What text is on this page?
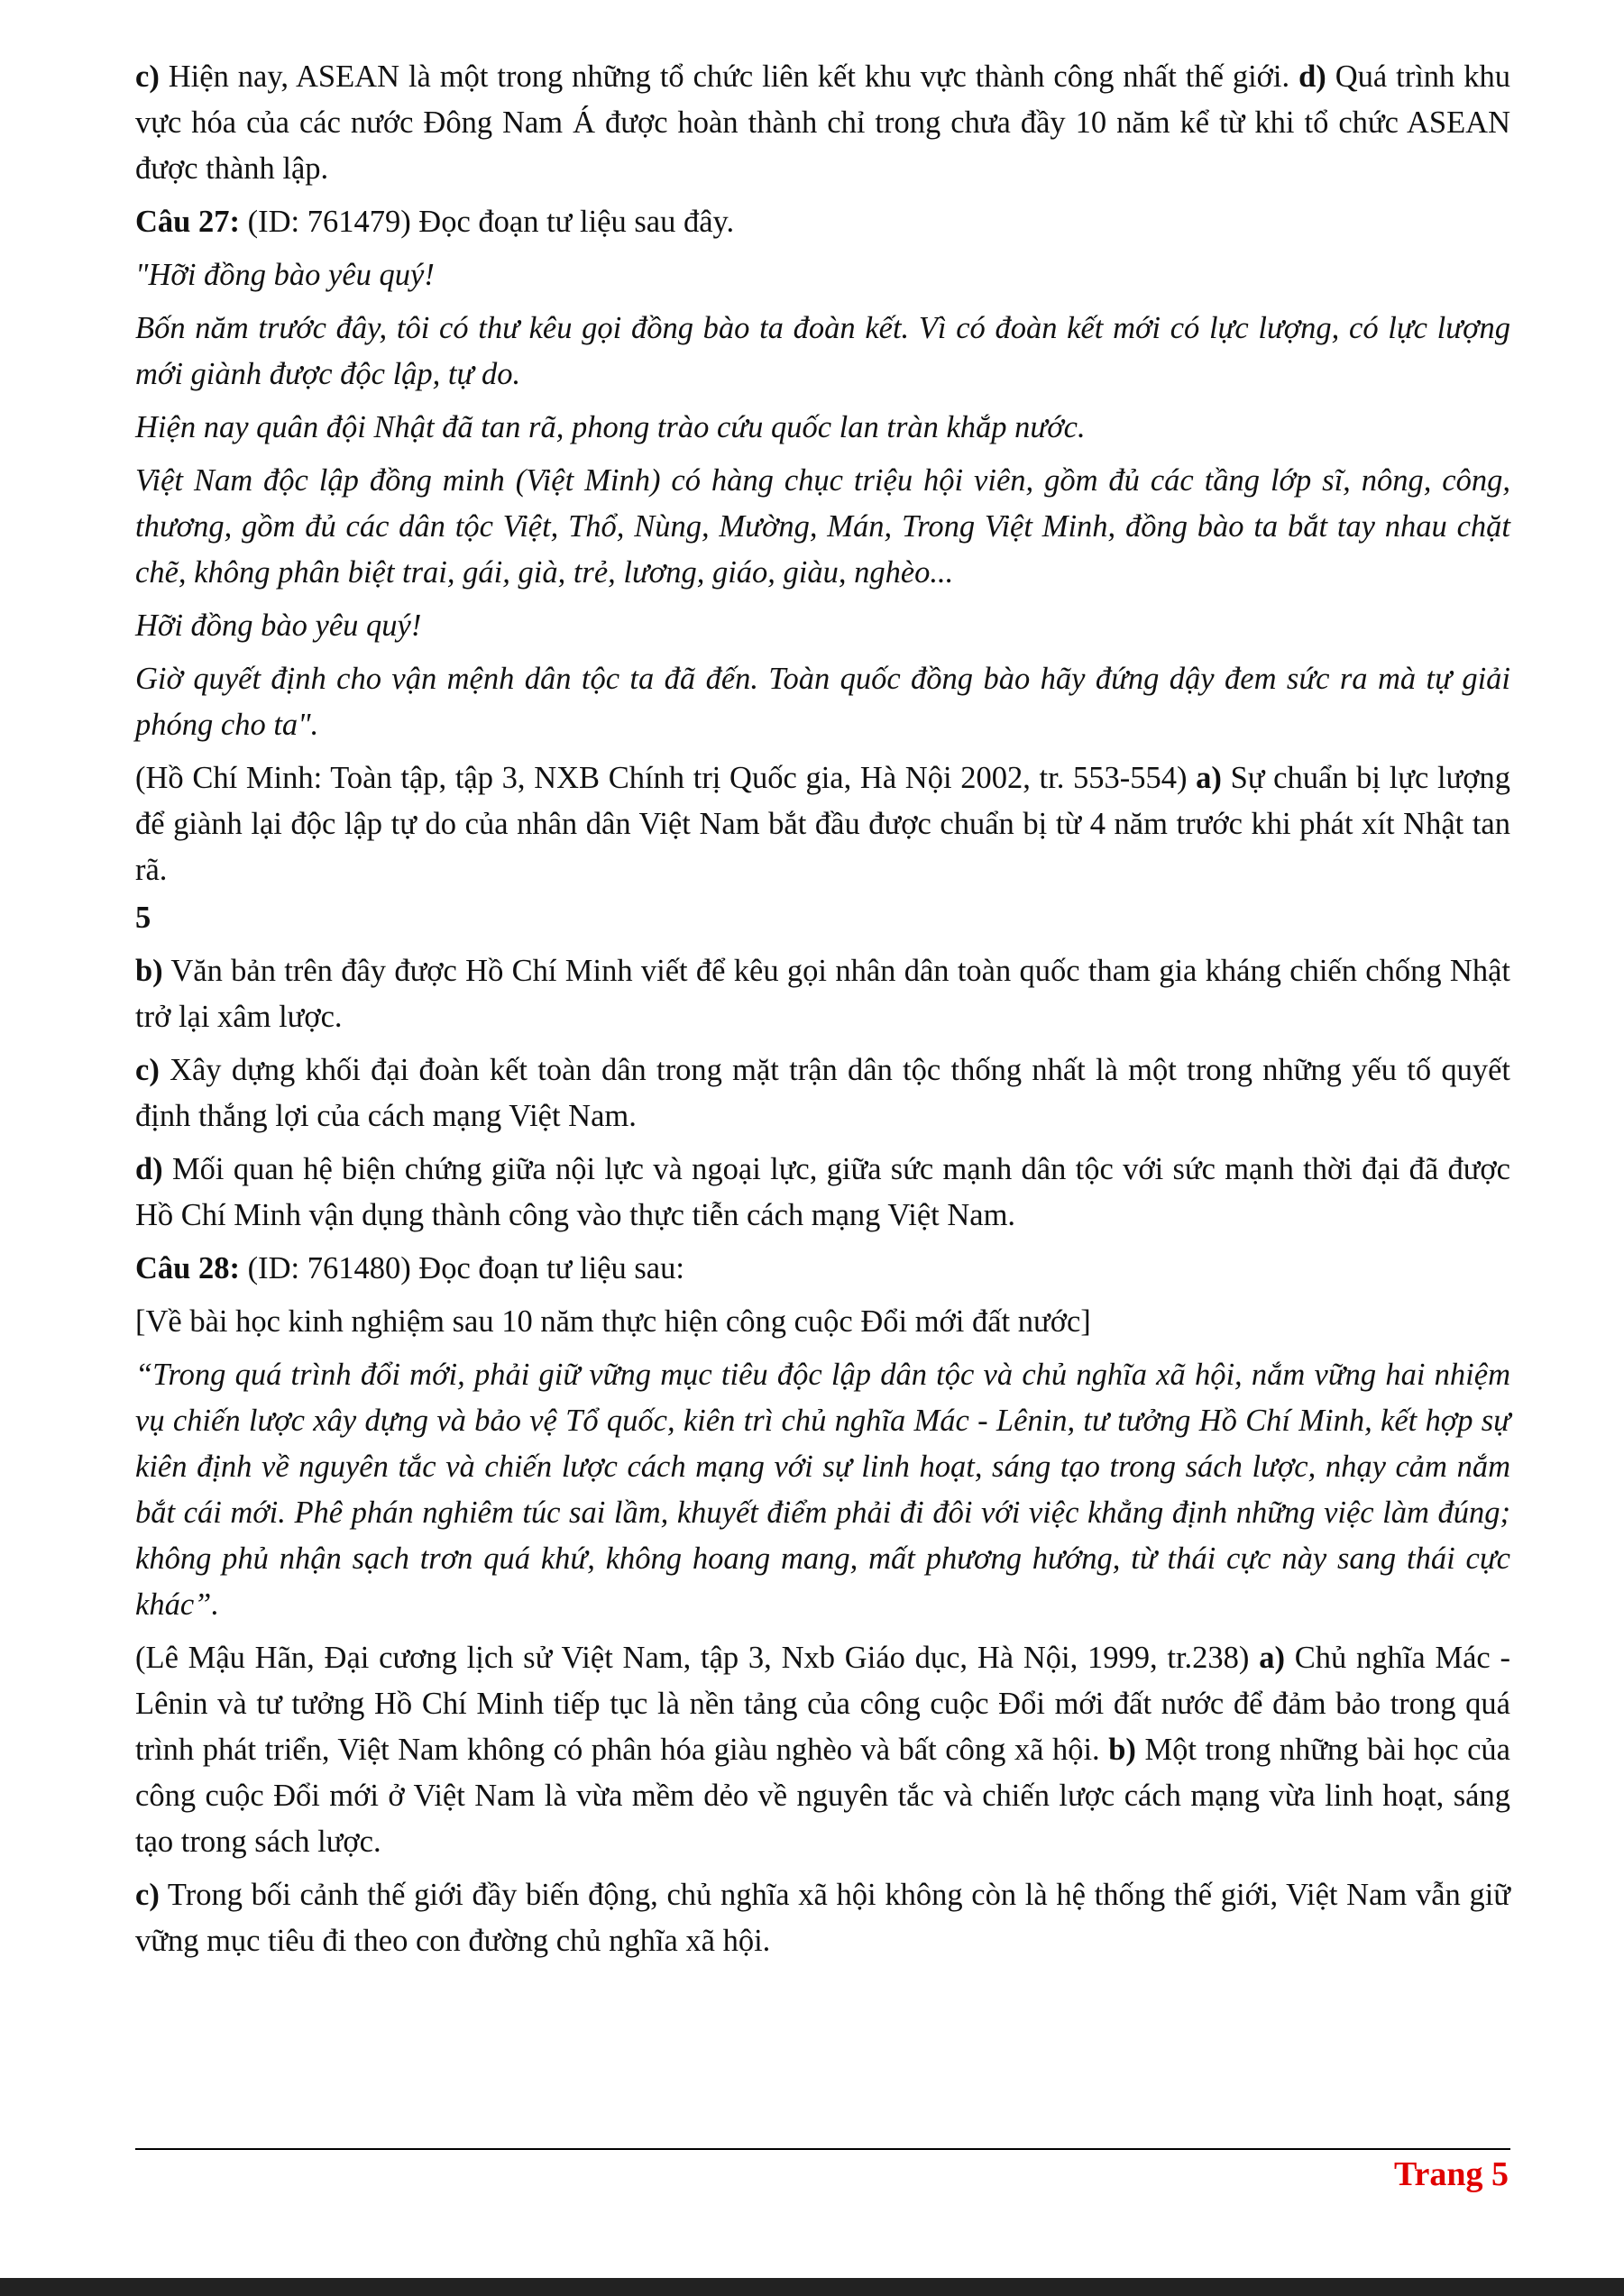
c) Hiện nay, ASEAN là một trong những tổ chức liên kết khu vực thành công nhất thế giới. d) Quá trình khu vực hóa của các nước Đông Nam Á được hoàn thành chỉ trong chưa đầy 10 năm kể từ khi tổ chức ASEAN được thành lập.

Câu 27: (ID: 761479) Đọc đoạn tư liệu sau đây.

"Hỡi đồng bào yêu quý!

Bốn năm trước đây, tôi có thư kêu gọi đồng bào ta đoàn kết. Vì có đoàn kết mới có lực lượng, có lực lượng mới giành được độc lập, tự do.

Hiện nay quân đội Nhật đã tan rã, phong trào cứu quốc lan tràn khắp nước.

Việt Nam độc lập đồng minh (Việt Minh) có hàng chục triệu hội viên, gồm đủ các tầng lớp sĩ, nông, công, thương, gồm đủ các dân tộc Việt, Thổ, Nùng, Mường, Mán, Trong Việt Minh, đồng bào ta bắt tay nhau chặt chẽ, không phân biệt trai, gái, già, trẻ, lương, giáo, giàu, nghèo...

Hỡi đồng bào yêu quý!

Giờ quyết định cho vận mệnh dân tộc ta đã đến. Toàn quốc đồng bào hãy đứng dậy đem sức ra mà tự giải phóng cho ta".

(Hồ Chí Minh: Toàn tập, tập 3, NXB Chính trị Quốc gia, Hà Nội 2002, tr. 553-554) a) Sự chuẩn bị lực lượng để giành lại độc lập tự do của nhân dân Việt Nam bắt đầu được chuẩn bị từ 4 năm trước khi phát xít Nhật tan rã.

5

b) Văn bản trên đây được Hồ Chí Minh viết để kêu gọi nhân dân toàn quốc tham gia kháng chiến chống Nhật trở lại xâm lược.

c) Xây dựng khối đại đoàn kết toàn dân trong mặt trận dân tộc thống nhất là một trong những yếu tố quyết định thắng lợi của cách mạng Việt Nam.

d) Mối quan hệ biện chứng giữa nội lực và ngoại lực, giữa sức mạnh dân tộc với sức mạnh thời đại đã được Hồ Chí Minh vận dụng thành công vào thực tiễn cách mạng Việt Nam.

Câu 28: (ID: 761480) Đọc đoạn tư liệu sau:

[Về bài học kinh nghiệm sau 10 năm thực hiện công cuộc Đổi mới đất nước]

“Trong quá trình đổi mới, phải giữ vững mục tiêu độc lập dân tộc và chủ nghĩa xã hội, nắm vững hai nhiệm vụ chiến lược xây dựng và bảo vệ Tổ quốc, kiên trì chủ nghĩa Mác - Lênin, tư tưởng Hồ Chí Minh, kết hợp sự kiên định về nguyên tắc và chiến lược cách mạng với sự linh hoạt, sáng tạo trong sách lược, nhạy cảm nắm bắt cái mới. Phê phán nghiêm túc sai lầm, khuyết điểm phải đi đôi với việc khẳng định những việc làm đúng; không phủ nhận sạch trơn quá khứ, không hoang mang, mất phương hướng, từ thái cực này sang thái cực khác”.

(Lê Mậu Hãn, Đại cương lịch sử Việt Nam, tập 3, Nxb Giáo dục, Hà Nội, 1999, tr.238) a) Chủ nghĩa Mác - Lênin và tư tưởng Hồ Chí Minh tiếp tục là nền tảng của công cuộc Đổi mới đất nước để đảm bảo trong quá trình phát triển, Việt Nam không có phân hóa giàu nghèo và bất công xã hội. b) Một trong những bài học của công cuộc Đổi mới ở Việt Nam là vừa mềm dẻo về nguyên tắc và chiến lược cách mạng vừa linh hoạt, sáng tạo trong sách lược.

c) Trong bối cảnh thế giới đầy biến động, chủ nghĩa xã hội không còn là hệ thống thế giới, Việt Nam vẫn giữ vững mục tiêu đi theo con đường chủ nghĩa xã hội.

Trang 5
